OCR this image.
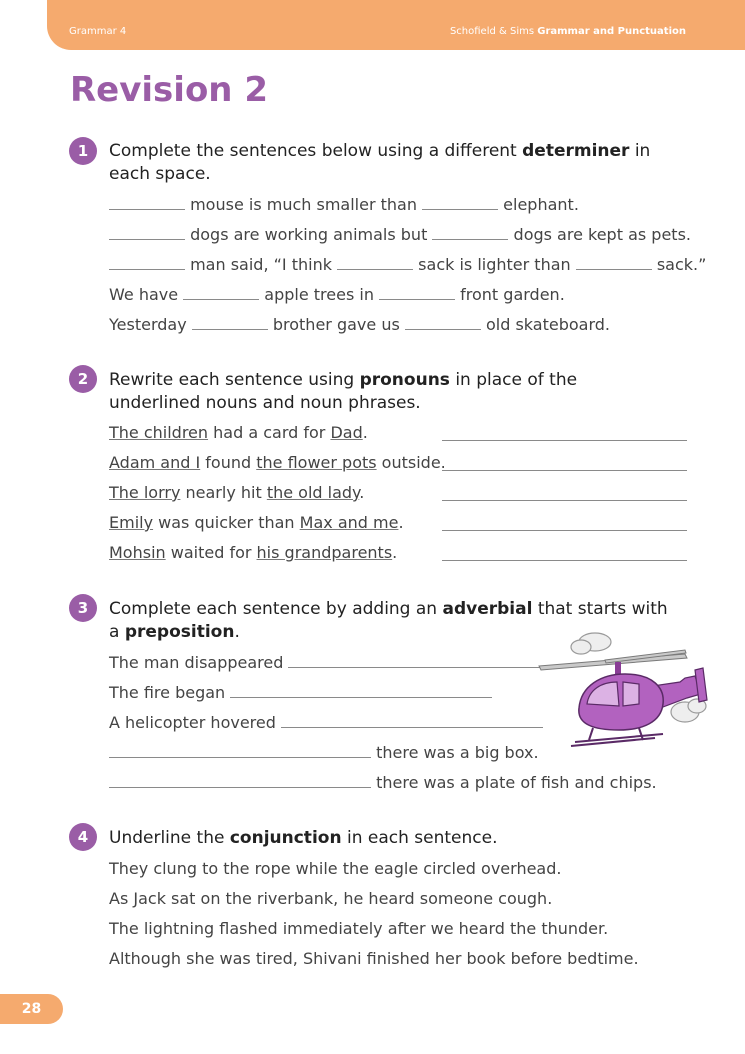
Grammar 4	Schofield & Sims Grammar and Punctuation
Revision 2
1	Complete the sentences below using a different determiner in each space.

mouse is much smaller than	elephant.
dogs are working animals but	dogs are kept as pets.
man said, “I think	sack is lighter than	sack.”
We have	apple trees in	front garden.
Yesterday	brother gave us	old skateboard.
2	Rewrite each sentence using pronouns in place of the underlined nouns and noun phrases.

The children had a card for Dad.
Adam and I found the flower pots outside.
The lorry nearly hit the old lady.
Emily was quicker than Max and me.
Mohsin waited for his grandparents.
3	Complete each sentence by adding an adverbial that starts with a preposition.

The man disappeared
The fire began
A helicopter hovered
there was a big box.
there was a plate of fish and chips.
4	Underline the conjunction in each sentence.

They clung to the rope while the eagle circled overhead.
As Jack sat on the riverbank, he heard someone cough.
The lightning flashed immediately after we heard the thunder.
Although she was tired, Shivani finished her book before bedtime.
28
